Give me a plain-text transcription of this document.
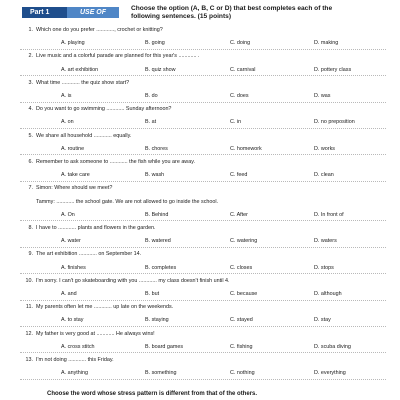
Part 1	USE OF ENGLISH
Choose the option (A, B, C or D) that best completes each of the
following sentences. (15 points)
1. Which one do you prefer ............, crochet or knitting?
A. playing	B. going	C. doing	D. making
2. Live music and a colorful parade are planned for this year's ............ .
A. art exhibition	B. quiz show	C. carnival	D. pottery class
3. What time ............ the quiz show start?
A. is	B. do	C. does	D. was
4. Do you want to go swimming ............ Sunday afternoon?
A. on	B. at	C. in	D. no preposition
5. We share all household ............ equally.
A. routine	B. chores	C. homework	D. works
6. Remember to ask someone to ............ the fish while you are away.
A. take care	B. wash	C. feed	D. clean
7. Simon: Where should we meet?
Tammy: ............ the school gate. We are not allowed to go inside the school.
A. On	B. Behind	C. After	D. In front of
8. I have to ............ plants and flowers in the garden.
A. water	B. watered	C. watering	D. waters
9. The art exhibition ............ on September 14.
A. finishes	B. completes	C. closes	D. stops
10. I'm sorry. I can't go skateboarding with you ............ my class doesn't finish until 4.
A. and	B. but	C. because	D. although
11. My parents often let me ............ up late on the weekends.
A. to stay	B. staying	C. stayed	D. stay
12. My father is very good at ............ He always wins!
A. cross stitch	B. board games	C. fishing	D. scuba diving
13. I'm not doing ............ this Friday.
A. anything	B. something	C. nothing	D. everything
Choose the word whose stress pattern is different from that of the others.
